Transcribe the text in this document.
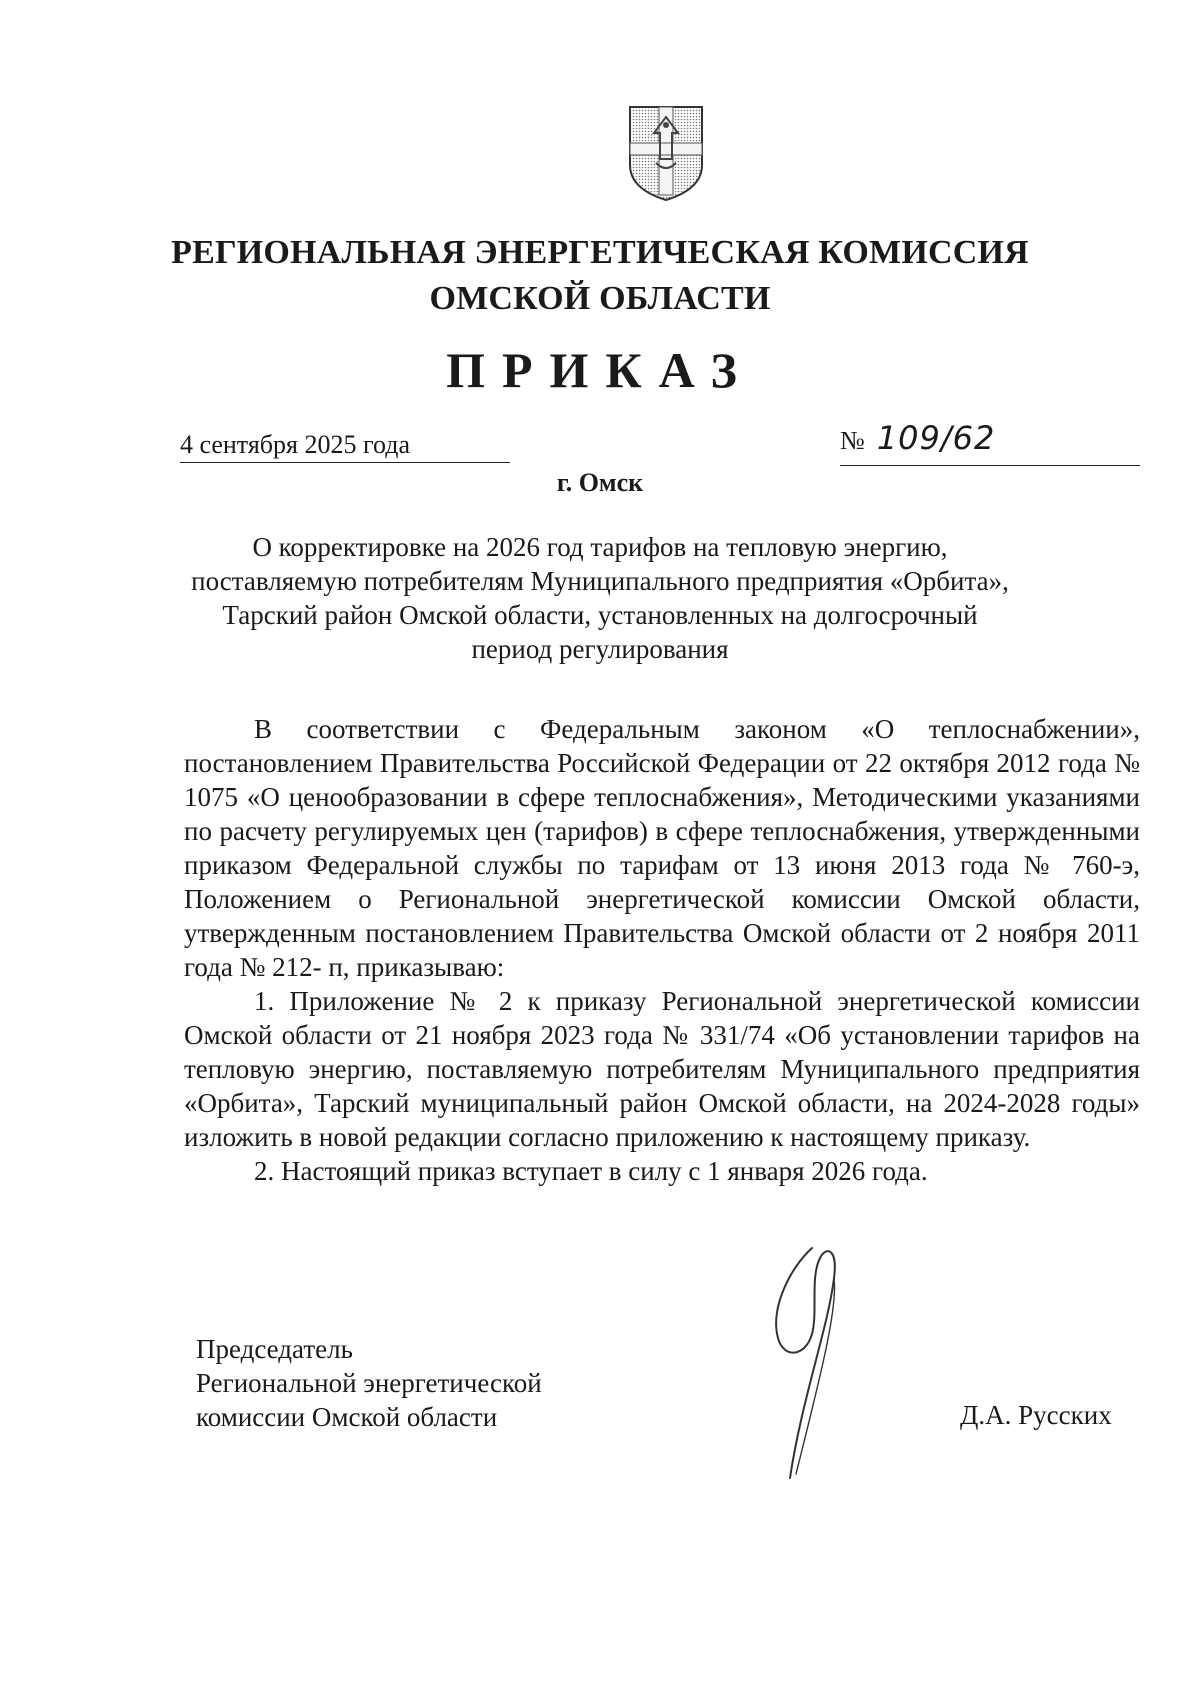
РЕГИОНАЛЬНАЯ ЭНЕРГЕТИЧЕСКАЯ КОМИССИЯ
ОМСКОЙ ОБЛАСТИ
ПРИКАЗ
4 сентября 2025 года	№ 109/62
г. Омск
О корректировке на 2026 год тарифов на тепловую энергию,
поставляемую потребителям Муниципального предприятия «Орбита»,
Тарский район Омской области, установленных на долгосрочный
период регулирования

В соответствии с Федеральным законом «О теплоснабжении», постановлением Правительства Российской Федерации от 22 октября 2012 года № 1075 «О ценообразовании в сфере теплоснабжения», Методическими указаниями по расчету регулируемых цен (тарифов) в сфере теплоснабжения, утвержденными приказом Федеральной службы по тарифам от 13 июня 2013 года № 760-э, Положением о Региональной энергетической комиссии Омской области, утвержденным постановлением Правительства Омской области от 2 ноября 2011 года № 212- п, приказываю:

1. Приложение № 2 к приказу Региональной энергетической комиссии Омской области от 21 ноября 2023 года № 331/74 «Об установлении тарифов на тепловую энергию, поставляемую потребителям Муниципального предприятия «Орбита», Тарский муниципальный район Омской области, на 2024-2028 годы» изложить в новой редакции согласно приложению к настоящему приказу.

2. Настоящий приказ вступает в силу с 1 января 2026 года.

Председатель
Региональной энергетической
комиссии Омской области	Д.А. Русских
